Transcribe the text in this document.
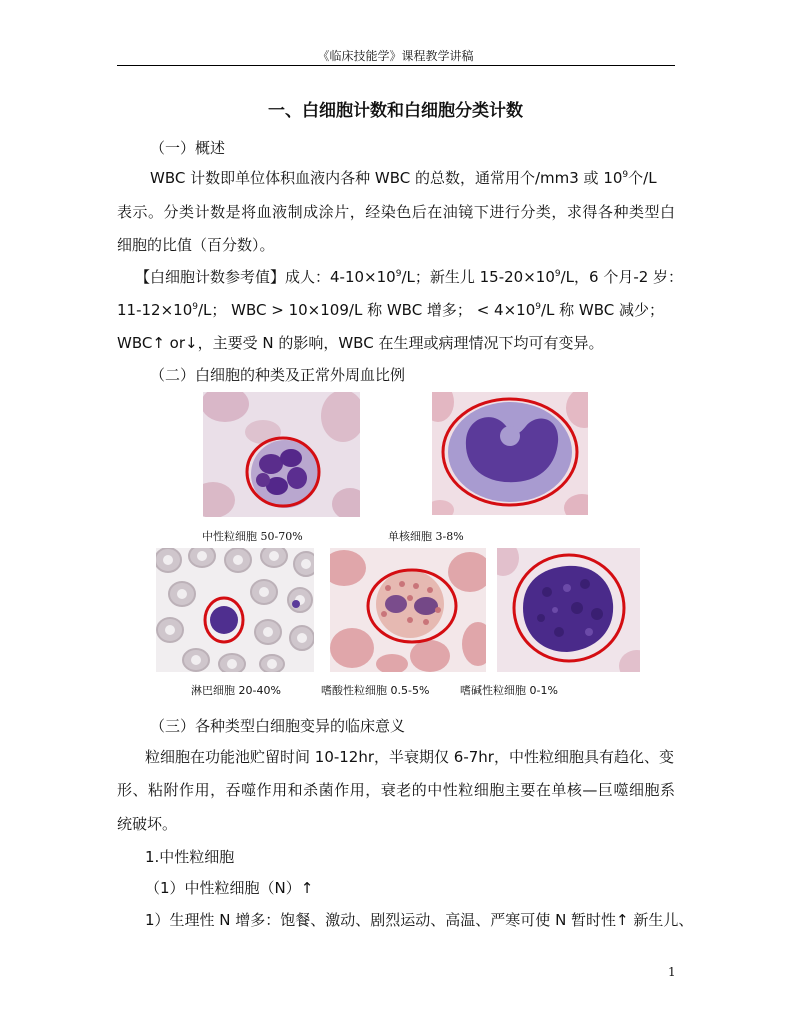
《临床技能学》课程教学讲稿
一、白细胞计数和白细胞分类计数
（一）概述
WBC 计数即单位体积血液内各种 WBC 的总数，通常用个/mm3 或 $10^9$个/L
表示。分类计数是将血液制成涂片，经染色后在油镜下进行分类，求得各种类型白
细胞的比值（百分数）。
【白细胞计数参考值】成人：$4-10\times 10^9/L$；新生儿 $15-20\times 10^9/L$，6 个月-2 岁：
$11-12\times 10^9/L$； WBC > 10×109/L 称 WBC 增多； < $4\times 10^9/L$ 称 WBC 减少；
WBC↑ or↓，主要受 N 的影响，WBC 在生理或病理情况下均可有变异。
（二）白细胞的种类及正常外周血比例
中性粒细胞 50-70%	单核细胞 3-8%
淋巴细胞 20-40%	嗜酸性粒细胞 0.5-5%	嗜碱性粒细胞 0-1%
（三）各种类型白细胞变异的临床意义
粒细胞在功能池贮留时间 10-12hr，半衰期仅 6-7hr，中性粒细胞具有趋化、变
形、粘附作用，吞噬作用和杀菌作用，衰老的中性粒细胞主要在单核—巨噬细胞系
统破坏。
1.中性粒细胞
（1）中性粒细胞（N）↑
1）生理性 N 增多：饱餐、激动、剧烈运动、高温、严寒可使 N 暂时性↑ 新生儿、
1
